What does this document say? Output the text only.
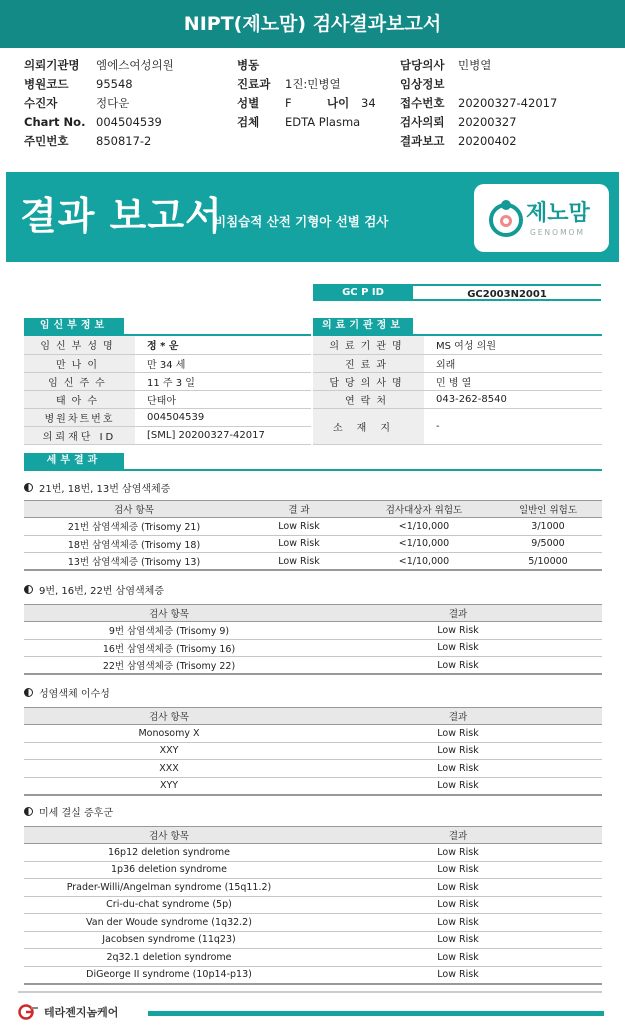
NIPT(제노맘) 검사결과보고서
의뢰기관명 엠에스여성의원
병원코드 95548
수진자	정다운
Chart No. 004504539
주민번호 850817-2
병동
진료과 1진:민병열
성별 F	나이 34
검체 EDTA Plasma
담당의사 민병열
임상정보
접수번호 20200327-42017
검사의뢰 20200327
결과보고 20200402
결과 보고서
비침습적 산전 기형아 선별 검사	제노맘
GENOMOM
GC P ID	GC2003N2001
임신부정보
임신부성명	정 * 운
만나이	만 34 세
임신주수	11 주 3 일
태아수	단태아
병원차트번호	004504539
의뢰재단 ID	[SML] 20200327-42017
의료기관정보
의료기관명	MS 여성 의원
진료과	외래
담당의사명	민 병 열
연락처	043-262-8540
소재지	-
세부결과
21번, 18번, 13번 삼염색체증
검사 항목	결 과	검사대상자 위험도	일반인 위험도
21번 삼염색체증 (Trisomy 21)	Low Risk	<1/10,000	3/1000
18번 삼염색체증 (Trisomy 18)	Low Risk	<1/10,000	9/5000
13번 삼염색체증 (Trisomy 13)	Low Risk	<1/10,000	5/10000
9번, 16번, 22번 삼염색체증
검사 항목	결과
9번 삼염색체증 (Trisomy 9)	Low Risk
16번 삼염색체증 (Trisomy 16)	Low Risk
22번 삼염색체증 (Trisomy 22)	Low Risk
성염색체 이수성
검사 항목	결과
Monosomy X	Low Risk
XXY	Low Risk
XXX	Low Risk
XYY	Low Risk
미세 결실 증후군
검사 항목	결과
16p12 deletion syndrome	Low Risk
1p36 deletion syndrome	Low Risk
Prader-Willi/Angelman syndrome (15q11.2)	Low Risk
Cri-du-chat syndrome (5p)	Low Risk
Van der Woude syndrome (1q32.2)	Low Risk
Jacobsen syndrome (11q23)	Low Risk
2q32.1 deletion syndrome	Low Risk
DiGeorge II syndrome (10p14-p13)	Low Risk
테라젠지놈케어
